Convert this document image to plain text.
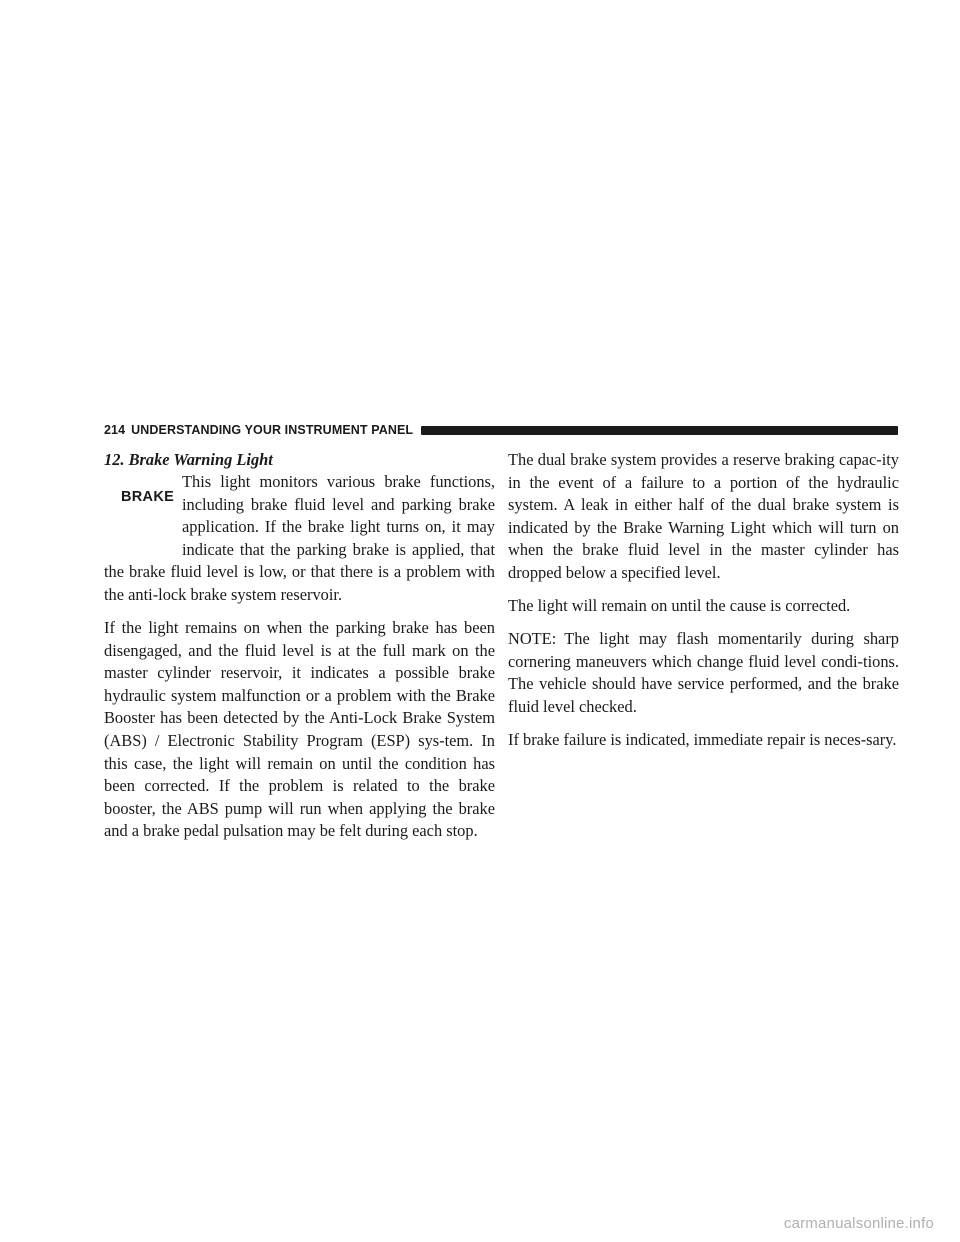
214 UNDERSTANDING YOUR INSTRUMENT PANEL

12. Brake Warning Light

BRAKE

This light monitors various brake functions, including brake fluid level and parking brake application. If the brake light turns on, it may indicate that the parking brake is applied, that the brake fluid level is low, or that there is a problem with the anti-lock brake system reservoir.

If the light remains on when the parking brake has been disengaged, and the fluid level is at the full mark on the master cylinder reservoir, it indicates a possible brake hydraulic system malfunction or a problem with the Brake Booster has been detected by the Anti-Lock Brake System (ABS) / Electronic Stability Program (ESP) sys-tem. In this case, the light will remain on until the condition has been corrected. If the problem is related to the brake booster, the ABS pump will run when applying the brake and a brake pedal pulsation may be felt during each stop.

The dual brake system provides a reserve braking capac-ity in the event of a failure to a portion of the hydraulic system. A leak in either half of the dual brake system is indicated by the Brake Warning Light which will turn on when the brake fluid level in the master cylinder has dropped below a specified level.

The light will remain on until the cause is corrected.

NOTE: The light may flash momentarily during sharp cornering maneuvers which change fluid level condi-tions. The vehicle should have service performed, and the brake fluid level checked.

If brake failure is indicated, immediate repair is neces-sary.

carmanualsonline.info
